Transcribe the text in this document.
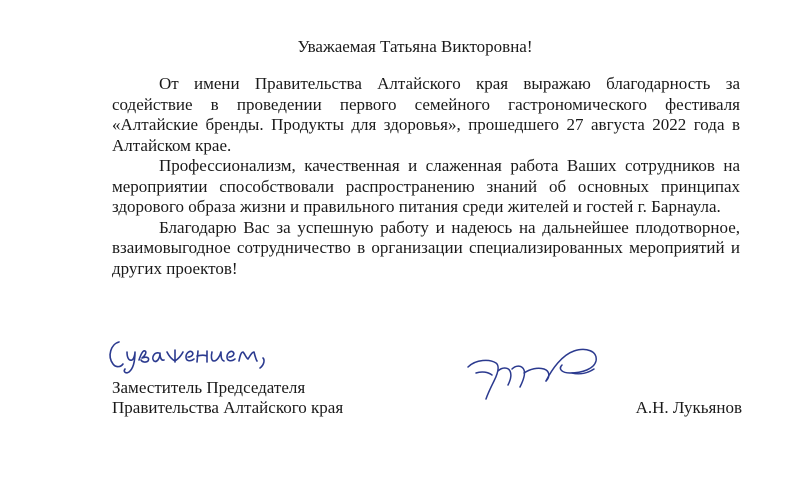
Уважаемая Татьяна Викторовна!

От имени Правительства Алтайского края выражаю благодарность за содействие в проведении первого семейного гастрономического фестиваля «Алтайские бренды. Продукты для здоровья», прошедшего 27 августа 2022 года в Алтайском крае.

Профессионализм, качественная и слаженная работа Ваших сотрудников на мероприятии способствовали распространению знаний об основных принципах здорового образа жизни и правильного питания среди жителей и гостей г. Барнаула.

Благодарю Вас за успешную работу и надеюсь на дальнейшее плодотворное, взаимовыгодное сотрудничество в организации специализированных мероприятий и других проектов!

Заместитель Председателя
Правительства Алтайского края	А.Н. Лукьянов
